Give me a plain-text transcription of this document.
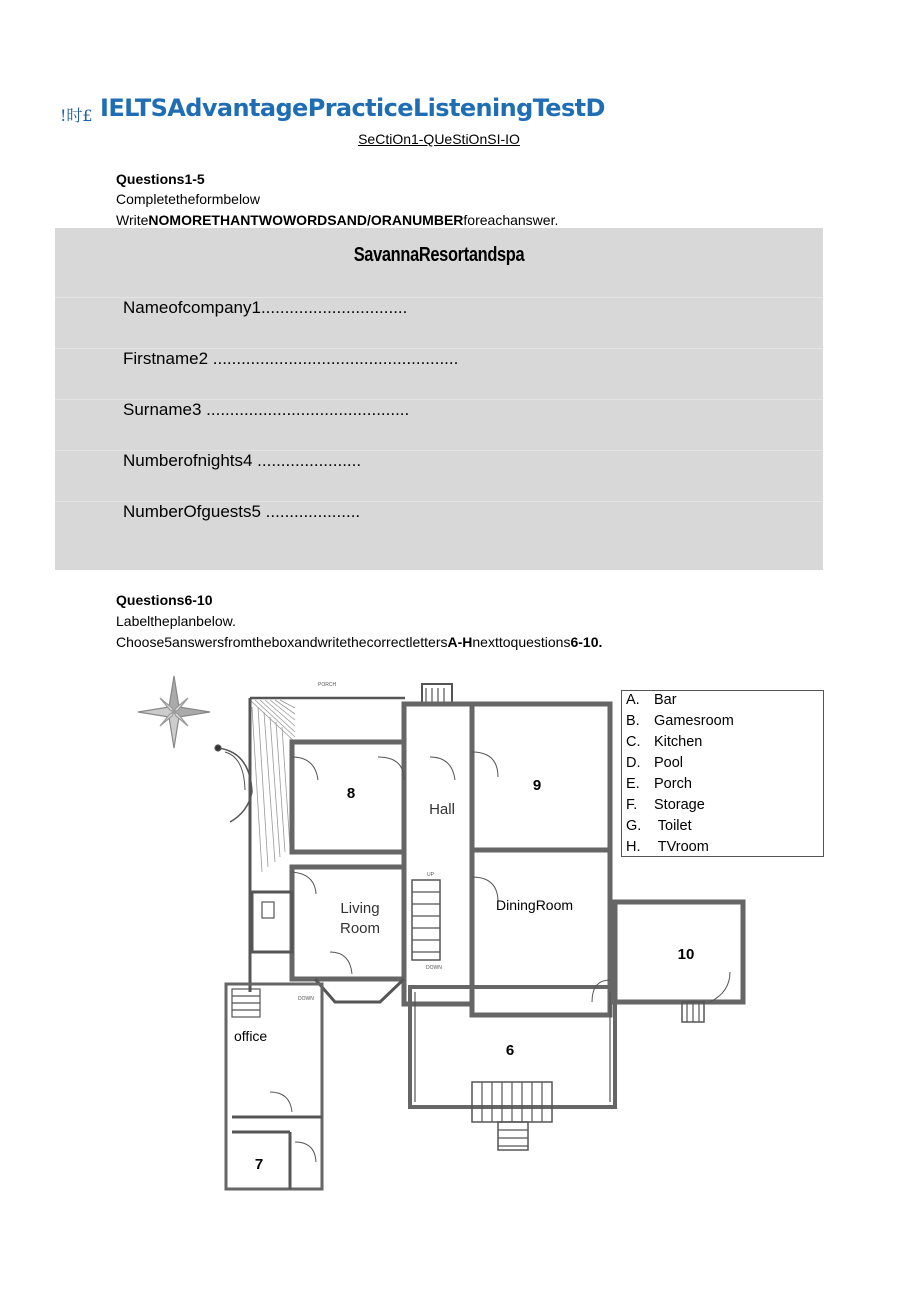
!时£ IELTSAdvantagePracticeListeningTestD
SeCtiOn1-QUeStiOnSI-IO
Questions1-5
Completetheformbelow
WriteNOMORETHANTWOWORDSAND/ORANUMBERforeachanswer.
SavannaResortandspa
Nameofcompany1...............................
Firstname2 ....................................................
Surname3 ...........................................
Numberofnights4 ......................
NumberOfguests5 ....................
Questions6-10
Labeltheplanbelow.
Choose5answersfromtheboxandwritethecorrectlettersA-Hnexttoquestions6-10.
A. Bar
B. Gamesroom
C. Kitchen
D. Pool
E. Porch
F. Storage
G. Toilet
H. TVroom
PORCH
8
Hall
9
Living
Room
DiningRoom
10
office
6
7
UP
DOWN
DOWN
